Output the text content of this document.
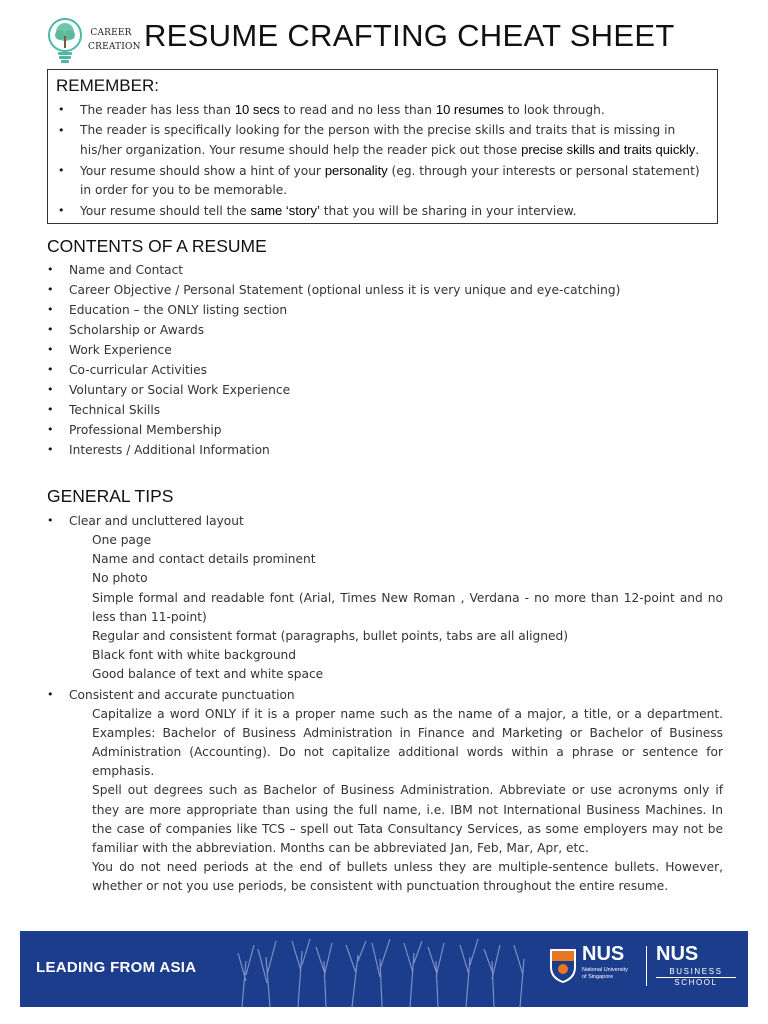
CAREER
CREATION RESUME CRAFTING CHEAT SHEET
REMEMBER:
• The reader has less than 10 secs to read and no less than 10 resumes to look through.
• The reader is specifically looking for the person with the precise skills and traits that is missing in his/her organization. Your resume should help the reader pick out those precise skills and traits quickly.
• Your resume should show a hint of your personality (eg. through your interests or personal statement) in order for you to be memorable.
• Your resume should tell the same ‘story’ that you will be sharing in your interview.
CONTENTS OF A RESUME
• Name and Contact
• Career Objective / Personal Statement (optional unless it is very unique and eye-catching)
• Education – the ONLY listing section
• Scholarship or Awards
• Work Experience
• Co-curricular Activities
• Voluntary or Social Work Experience
• Technical Skills
• Professional Membership
• Interests / Additional Information
GENERAL TIPS
• Clear and uncluttered layout
One page
Name and contact details prominent
No photo
Simple formal and readable font (Arial, Times New Roman , Verdana - no more than 12-point and no less than 11-point)
Regular and consistent format (paragraphs, bullet points, tabs are all aligned)
Black font with white background
Good balance of text and white space
• Consistent and accurate punctuation
Capitalize a word ONLY if it is a proper name such as the name of a major, a title, or a department. Examples: Bachelor of Business Administration in Finance and Marketing or Bachelor of Business Administration (Accounting). Do not capitalize additional words within a phrase or sentence for emphasis.
Spell out degrees such as Bachelor of Business Administration. Abbreviate or use acronyms only if they are more appropriate than using the full name, i.e. IBM not International Business Machines. In the case of companies like TCS – spell out Tata Consultancy Services, as some employers may not be familiar with the abbreviation. Months can be abbreviated Jan, Feb, Mar, Apr, etc.
You do not need periods at the end of bullets unless they are multiple-sentence bullets. However, whether or not you use periods, be consistent with punctuation throughout the entire resume.
LEADING FROM ASIA
NUS
National University
of Singapore
NUS
BUSINESS
SCHOOL
